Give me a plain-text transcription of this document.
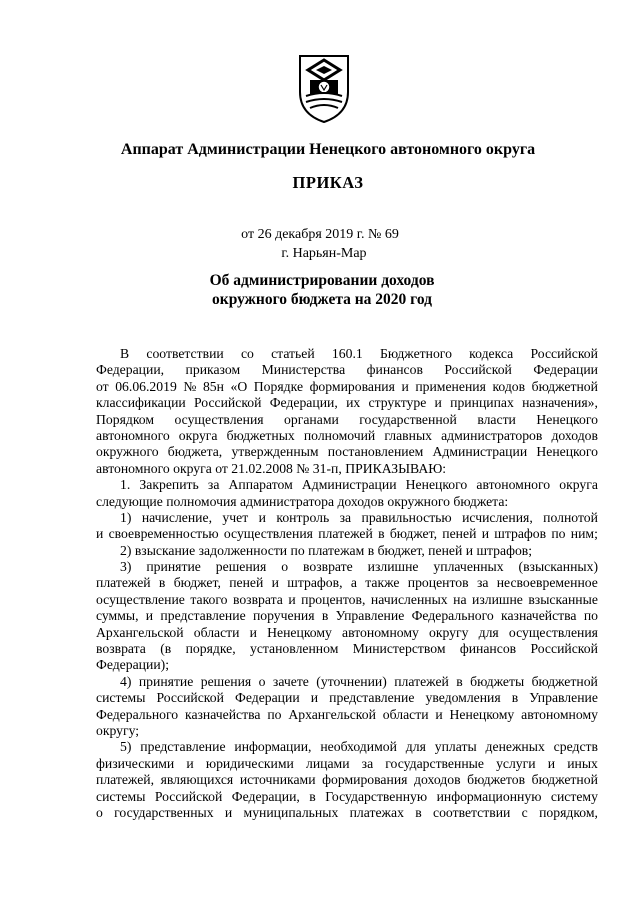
Аппарат Администрации Ненецкого автономного округа
ПРИКАЗ
от 26 декабря 2019 г. № 69
г. Нарьян-Мар
Об администрировании доходов
окружного бюджета на 2020 год
В соответствии со статьей 160.1 Бюджетного кодекса Российской
Федерации, приказом Министерства финансов Российской Федерации
от 06.06.2019 № 85н «О Порядке формирования и применения кодов бюджетной
классификации Российской Федерации, их структуре и принципах назначения»,
Порядком осуществления органами государственной власти Ненецкого
автономного округа бюджетных полномочий главных администраторов доходов
окружного бюджета, утвержденным постановлением Администрации Ненецкого
автономного округа от 21.02.2008 № 31-п, ПРИКАЗЫВАЮ:
1. Закрепить за Аппаратом Администрации Ненецкого автономного округа
следующие полномочия администратора доходов окружного бюджета:
1) начисление, учет и контроль за правильностью исчисления, полнотой
и своевременностью осуществления платежей в бюджет, пеней и штрафов по ним;
2) взыскание задолженности по платежам в бюджет, пеней и штрафов;
3) принятие решения о возврате излишне уплаченных (взысканных)
платежей в бюджет, пеней и штрафов, а также процентов за несвоевременное
осуществление такого возврата и процентов, начисленных на излишне взысканные
суммы, и представление поручения в Управление Федерального казначейства по
Архангельской области и Ненецкому автономному округу для осуществления
возврата (в порядке, установленном Министерством финансов Российской
Федерации);
4) принятие решения о зачете (уточнении) платежей в бюджеты бюджетной
системы Российской Федерации и представление уведомления в Управление
Федерального казначейства по Архангельской области и Ненецкому автономному
округу;
5) представление информации, необходимой для уплаты денежных средств
физическими и юридическими лицами за государственные услуги и иных
платежей, являющихся источниками формирования доходов бюджетов бюджетной
системы Российской Федерации, в Государственную информационную систему
о государственных и муниципальных платежах в соответствии с порядком,
